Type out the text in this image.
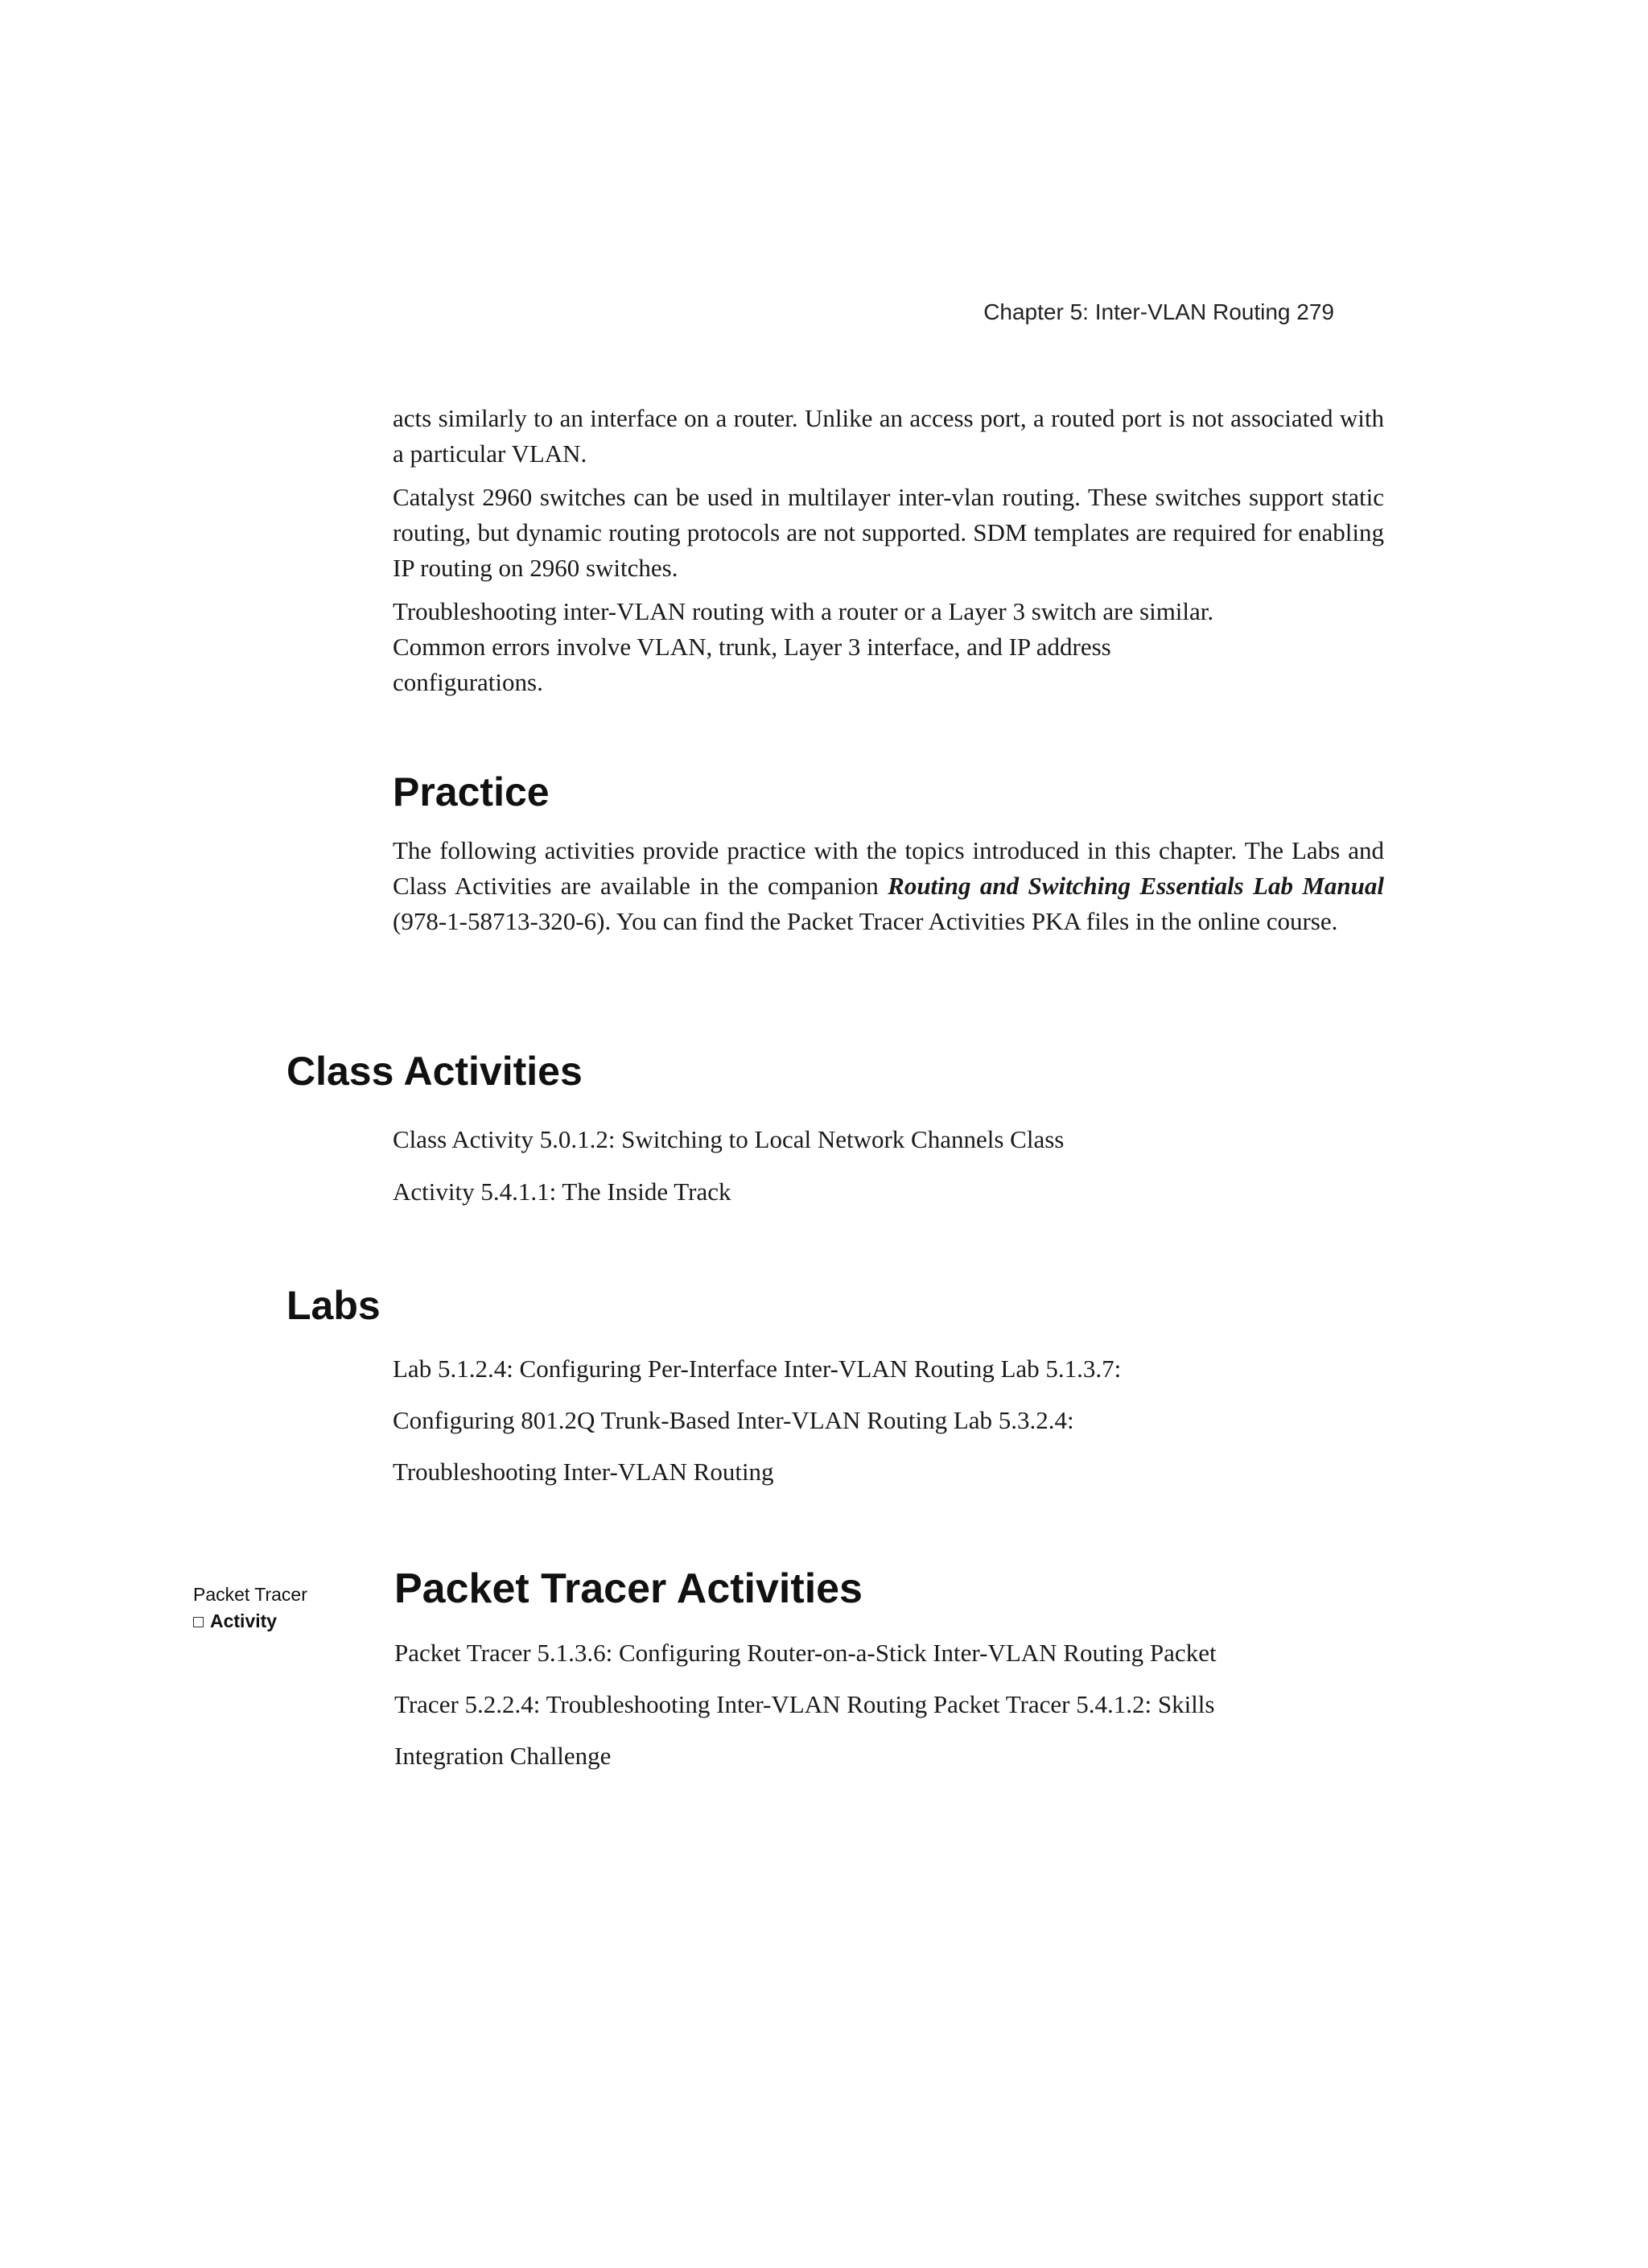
Chapter 5: Inter-VLAN Routing 279

acts similarly to an interface on a router. Unlike an access port, a routed port is not associated with a particular VLAN.

Catalyst 2960 switches can be used in multilayer inter-vlan routing. These switches support static routing, but dynamic routing protocols are not supported. SDM templates are required for enabling IP routing on 2960 switches.

Troubleshooting inter-VLAN routing with a router or a Layer 3 switch are similar.
Common errors involve VLAN, trunk, Layer 3 interface, and IP address
configurations.
Practice
The following activities provide practice with the topics introduced in this chapter. The Labs and Class Activities are available in the companion Routing and Switching Essentials Lab Manual (978-1-58713-320-6). You can find the Packet Tracer Activities PKA files in the online course.
Class Activities
Class Activity 5.0.1.2: Switching to Local Network Channels Class
Activity 5.4.1.1: The Inside Track
Labs
Lab 5.1.2.4: Configuring Per-Interface Inter-VLAN Routing Lab 5.1.3.7:
Configuring 801.2Q Trunk-Based Inter-VLAN Routing Lab 5.3.2.4:
Troubleshooting Inter-VLAN Routing
Packet Tracer
Activity
Packet Tracer Activities
Packet Tracer 5.1.3.6: Configuring Router-on-a-Stick Inter-VLAN Routing Packet
Tracer 5.2.2.4: Troubleshooting Inter-VLAN Routing Packet Tracer 5.4.1.2: Skills
Integration Challenge
